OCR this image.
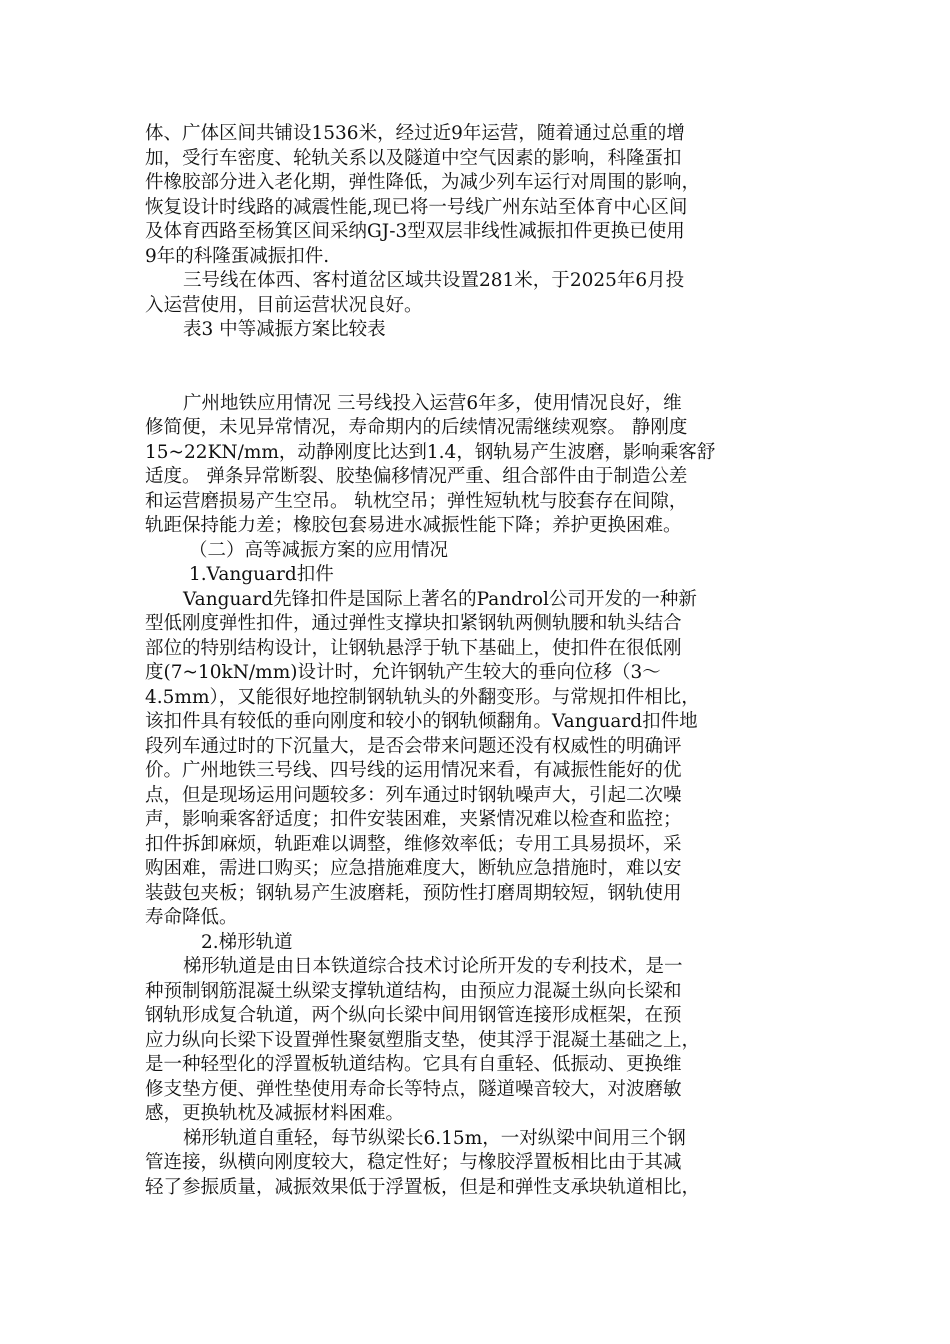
体、广体区间共铺设1536米，经过近9年运营，随着通过总重的增
加，受行车密度、轮轨关系以及隧道中空气因素的影响，科隆蛋扣
件橡胶部分进入老化期，弹性降低，为减少列车运行对周围的影响，
恢复设计时线路的减震性能,现已将一号线广州东站至体育中心区间
及体育西路至杨箕区间采纳GJ-3型双层非线性减振扣件更换已使用
9年的科隆蛋减振扣件.
三号线在体西、客村道岔区域共设置281米，于2025年6月投
入运营使用，目前运营状况良好。
表3 中等减振方案比较表
广州地铁应用情况 三号线投入运营6年多，使用情况良好，维
修简便，未见异常情况，寿命期内的后续情况需继续观察。 静刚度
15~22KN/mm，动静刚度比达到1.4，钢轨易产生波磨，影响乘客舒
适度。 弹条异常断裂、胶垫偏移情况严重、组合部件由于制造公差
和运营磨损易产生空吊。 轨枕空吊；弹性短轨枕与胶套存在间隙，
轨距保持能力差；橡胶包套易进水减振性能下降；养护更换困难。
（二）高等减振方案的应用情况
1.Vanguard扣件
Vanguard先锋扣件是国际上著名的Pandrol公司开发的一种新
型低刚度弹性扣件，通过弹性支撑块扣紧钢轨两侧轨腰和轨头结合
部位的特别结构设计，让钢轨悬浮于轨下基础上，使扣件在很低刚
度(7~10kN/mm)设计时，允许钢轨产生较大的垂向位移（3～
4.5mm），又能很好地控制钢轨轨头的外翻变形。与常规扣件相比，
该扣件具有较低的垂向刚度和较小的钢轨倾翻角。Vanguard扣件地
段列车通过时的下沉量大，是否会带来问题还没有权威性的明确评
价。广州地铁三号线、四号线的运用情况来看，有减振性能好的优
点，但是现场运用问题较多：列车通过时钢轨噪声大，引起二次噪
声，影响乘客舒适度；扣件安装困难，夹紧情况难以检查和监控；
扣件拆卸麻烦，轨距难以调整，维修效率低；专用工具易损坏，采
购困难，需进口购买；应急措施难度大，断轨应急措施时，难以安
装鼓包夹板；钢轨易产生波磨耗，预防性打磨周期较短，钢轨使用
寿命降低。
2.梯形轨道
梯形轨道是由日本铁道综合技术讨论所开发的专利技术，是一
种预制钢筋混凝土纵梁支撑轨道结构，由预应力混凝土纵向长梁和
钢轨形成复合轨道，两个纵向长梁中间用钢管连接形成框架，在预
应力纵向长梁下设置弹性聚氨塑脂支垫，使其浮于混凝土基础之上，
是一种轻型化的浮置板轨道结构。它具有自重轻、低振动、更换维
修支垫方便、弹性垫使用寿命长等特点，隧道噪音较大，对波磨敏
感，更换轨枕及减振材料困难。
梯形轨道自重轻，每节纵梁长6.15m，一对纵梁中间用三个钢
管连接，纵横向刚度较大，稳定性好；与橡胶浮置板相比由于其减
轻了参振质量，减振效果低于浮置板，但是和弹性支承块轨道相比，
